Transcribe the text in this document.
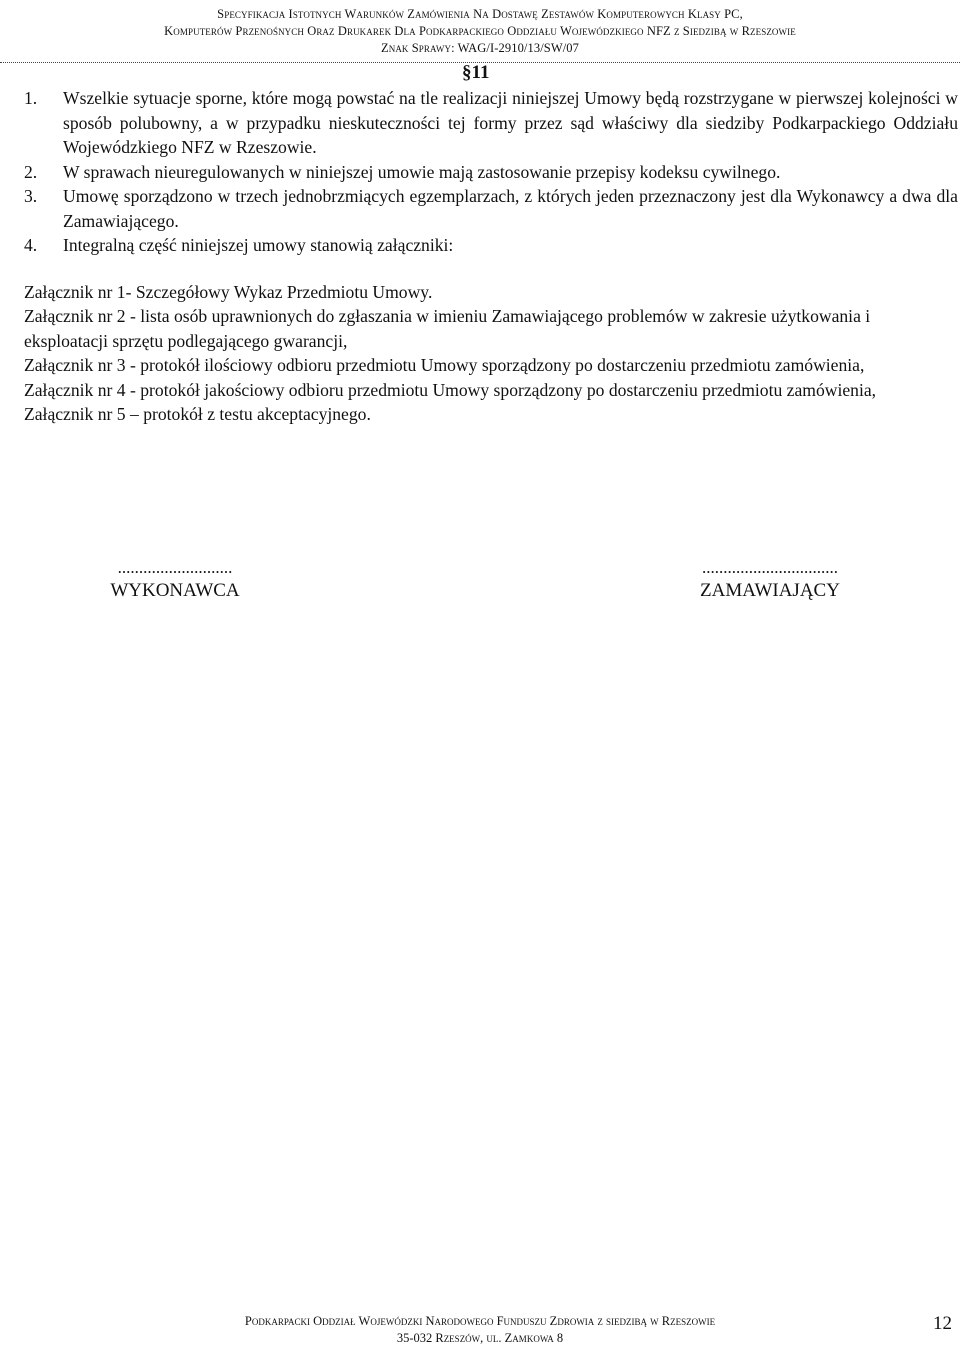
Specyfikacja Istotnych Warunków Zamówienia Na Dostawę Zestawów Komputerowych Klasy PC,
Komputerów Przenośnych Oraz Drukarek Dla Podkarpackiego Oddziału Wojewódzkiego NFZ z Siedzibą w Rzeszowie
Znak Sprawy: WAG/I-2910/13/SW/07
§11
1. Wszelkie sytuacje sporne, które mogą powstać na tle realizacji niniejszej Umowy będą rozstrzygane w pierwszej kolejności w sposób polubowny, a w przypadku nieskuteczności tej formy przez sąd właściwy dla siedziby Podkarpackiego Oddziału Wojewódzkiego NFZ w Rzeszowie.
2. W sprawach nieuregulowanych w niniejszej umowie mają zastosowanie przepisy kodeksu cywilnego.
3. Umowę sporządzono w trzech jednobrzmiących egzemplarzach, z których jeden przeznaczony jest dla Wykonawcy a dwa dla Zamawiającego.
4. Integralną część niniejszej umowy stanowią załączniki:

Załącznik nr 1- Szczegółowy Wykaz Przedmiotu Umowy.

Załącznik nr 2 - lista osób uprawnionych do zgłaszania w imieniu Zamawiającego problemów w zakresie użytkowania i eksploatacji sprzętu podlegającego gwarancji,

Załącznik nr 3 - protokół ilościowy odbioru przedmiotu Umowy sporządzony po dostarczeniu przedmiotu zamówienia,

Załącznik nr 4 - protokół jakościowy odbioru przedmiotu Umowy sporządzony po dostarczeniu przedmiotu zamówienia,

Załącznik nr 5 – protokół z testu akceptacyjnego.

...........................
WYKONAWCA
................................
ZAMAWIAJĄCY
Podkarpacki Oddział Wojewódzki Narodowego Funduszu Zdrowia z siedzibą w Rzeszowie
35-032 Rzeszów, ul. Zamkowa 8
12
